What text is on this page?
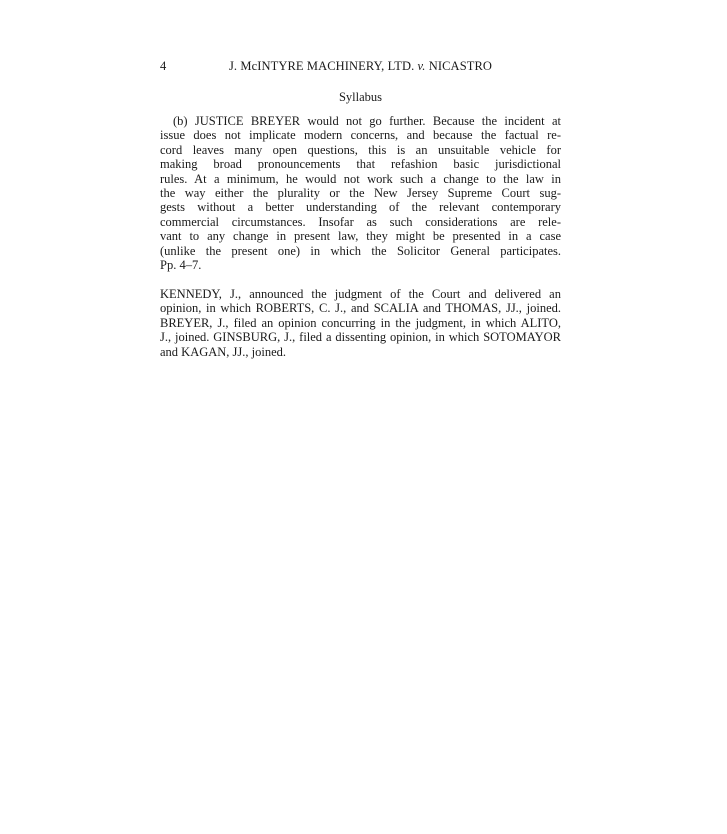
4	J. McINTYRE MACHINERY, LTD. v. NICASTRO
Syllabus
(b) JUSTICE BREYER would not go further. Because the incident at
issue does not implicate modern concerns, and because the factual re-
cord leaves many open questions, this is an unsuitable vehicle for
making broad pronouncements that refashion basic jurisdictional
rules. At a minimum, he would not work such a change to the law in
the way either the plurality or the New Jersey Supreme Court sug-
gests without a better understanding of the relevant contemporary
commercial circumstances. Insofar as such considerations are rele-
vant to any change in present law, they might be presented in a case
(unlike the present one) in which the Solicitor General participates.
Pp. 4–7.
KENNEDY, J., announced the judgment of the Court and delivered an
opinion, in which ROBERTS, C. J., and SCALIA and THOMAS, JJ., joined.
BREYER, J., filed an opinion concurring in the judgment, in which ALITO,
J., joined. GINSBURG, J., filed a dissenting opinion, in which SOTOMAYOR
and KAGAN, JJ., joined.
